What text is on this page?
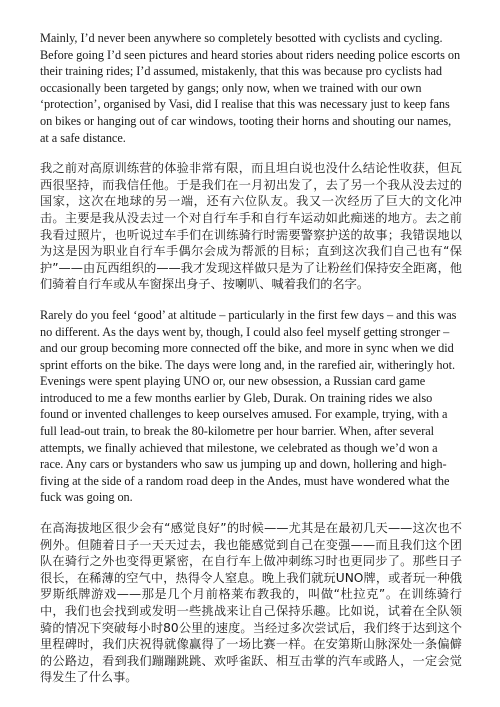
Mainly, I’d never been anywhere so completely besotted with cyclists and cycling. Before going I’d seen pictures and heard stories about riders needing police escorts on their training rides; I’d assumed, mistakenly, that this was because pro cyclists had occasionally been targeted by gangs; only now, when we trained with our own ‘protection’, organised by Vasi, did I realise that this was necessary just to keep fans on bikes or hanging out of car windows, tooting their horns and shouting our names, at a safe distance.

我之前对高原训练营的体验非常有限，而且坦白说也没什么结论性收获，但瓦西很坚持，而我信任他。于是我们在一月初出发了，去了另一个我从没去过的国家，这次在地球的另一端，还有六位队友。我又一次经历了巨大的文化冲击。主要是我从没去过一个对自行车手和自行车运动如此痴迷的地方。去之前我看过照片，也听说过车手们在训练骑行时需要警察护送的故事；我错误地以为这是因为职业自行车手偶尔会成为帮派的目标；直到这次我们自己也有“保护”——由瓦西组织的——我才发现这样做只是为了让粉丝们保持安全距离，他们骑着自行车或从车窗探出身子、按喇叭、喊着我们的名字。

Rarely do you feel ‘good’ at altitude – particularly in the first few days – and this was no different. As the days went by, though, I could also feel myself getting stronger – and our group becoming more connected off the bike, and more in sync when we did sprint efforts on the bike. The days were long and, in the rarefied air, witheringly hot. Evenings were spent playing UNO or, our new obsession, a Russian card game introduced to me a few months earlier by Gleb, Durak. On training rides we also found or invented challenges to keep ourselves amused. For example, trying, with a full lead-out train, to break the 80-kilometre per hour barrier. When, after several attempts, we finally achieved that milestone, we celebrated as though we’d won a race. Any cars or bystanders who saw us jumping up and down, hollering and high-fiving at the side of a random road deep in the Andes, must have wondered what the fuck was going on.

在高海拔地区很少会有“感觉良好”的时候——尤其是在最初几天——这次也不例外。但随着日子一天天过去，我也能感觉到自己在变强——而且我们这个团队在骑行之外也变得更紧密，在自行车上做冲刺练习时也更同步了。那些日子很长，在稀薄的空气中，热得令人窒息。晚上我们就玩UNO牌，或者玩一种俄罗斯纸牌游戏——那是几个月前格莱布教我的，叫做“杜拉克”。在训练骑行中，我们也会找到或发明一些挑战来让自己保持乐趣。比如说，试着在全队领骑的情况下突破每小时80公里的速度。当经过多次尝试后，我们终于达到这个里程碑时，我们庆祝得就像赢得了一场比赛一样。在安第斯山脉深处一条偏僻的公路边，看到我们蹦蹦跳跳、欢呼雀跃、相互击掌的汽车或路人，一定会觉得发生了什么事。
